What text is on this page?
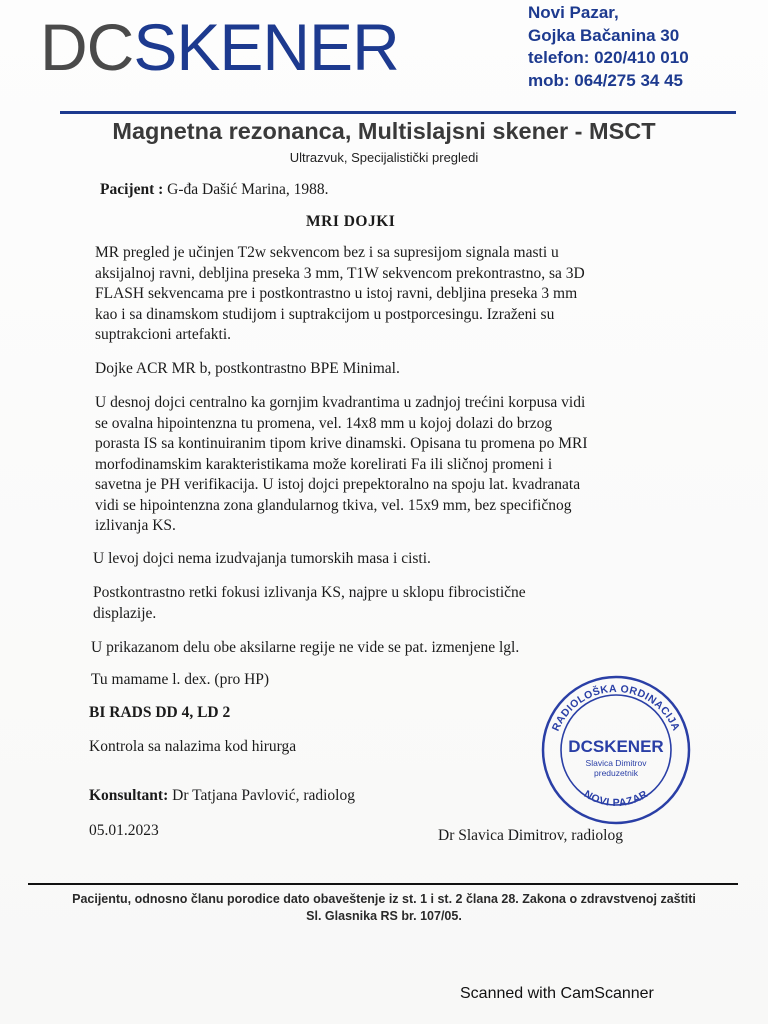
DCSKENER	Novi Pazar,
Gojka Bačanina 30
telefon: 020/410 010
mob: 064/275 34 45
Magnetna rezonanca, Multislajsni skener - MSCT
Ultrazvuk, Specijalistički pregledi
Pacijent : G-đa Dašić Marina, 1988.
MRI DOJKI
MR pregled je učinjen T2w sekvencom bez i sa supresijom signala masti u
aksijalnoj ravni, debljina preseka 3 mm, T1W sekvencom prekontrastno, sa 3D
FLASH sekvencama pre i postkontrastno u istoj ravni, debljina preseka 3 mm
kao i sa dinamskom studijom i suptrakcijom u postporcesingu. Izraženi su
suptrakcioni artefakti.
Dojke ACR MR b, postkontrastno BPE Minimal.
U desnoj dojci centralno ka gornjim kvadrantima u zadnjoj trećini korpusa vidi
se ovalna hipointenzna tu promena, vel. 14x8 mm u kojoj dolazi do brzog
porasta IS sa kontinuiranim tipom krive dinamski. Opisana tu promena po MRI
morfodinamskim karakteristikama može korelirati Fa ili sličnoj promeni i
savetna je PH verifikacija. U istoj dojci prepektoralno na spoju lat. kvadranata
vidi se hipointenzna zona glandularnog tkiva, vel. 15x9 mm, bez specifičnog
izlivanja KS.
U levoj dojci nema izudvajanja tumorskih masa i cisti.
Postkontrastno retki fokusi izlivanja KS, najpre u sklopu fibrocistične
displazije.
U prikazanom delu obe aksilarne regije ne vide se pat. izmenjene lgl.
Tu mamame l. dex. (pro HP)
BI RADS DD 4, LD 2
Kontrola sa nalazima kod hirurga
Konsultant: Dr Tatjana Pavlović, radiolog
05.01.2023	Dr Slavica Dimitrov, radiolog
RADIOLOŠKA ORDINACIJA
NOVI PAZAR
DCSKENER
Slavica Dimitrov
preduzetnik
Pacijentu, odnosno članu porodice dato obaveštenje iz st. 1 i st. 2 člana 28. Zakona o zdravstvenoj zaštiti
Sl. Glasnika RS br. 107/05.
Scanned with CamScanner
